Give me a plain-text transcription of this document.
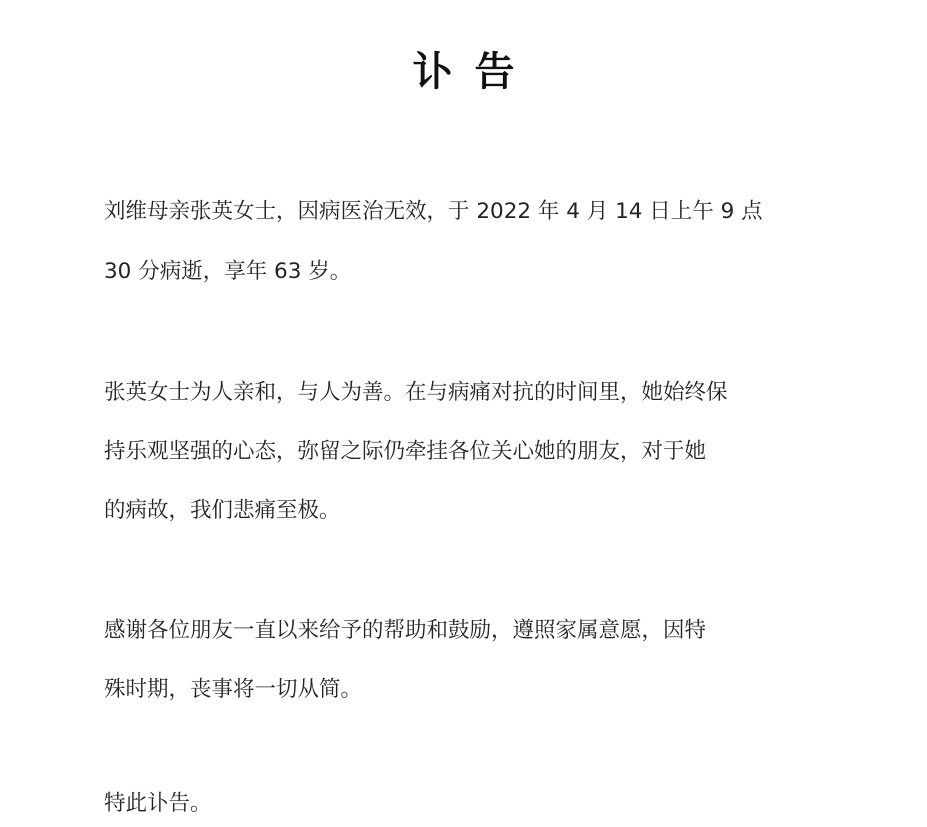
讣告
刘维母亲张英女士，因病医治无效，于 2022 年 4 月 14 日上午 9 点
30 分病逝，享年 63 岁。
张英女士为人亲和，与人为善。在与病痛对抗的时间里，她始终保
持乐观坚强的心态，弥留之际仍牵挂各位关心她的朋友，对于她
的病故，我们悲痛至极。
感谢各位朋友一直以来给予的帮助和鼓励，遵照家属意愿，因特
殊时期，丧事将一切从简。
特此讣告。
